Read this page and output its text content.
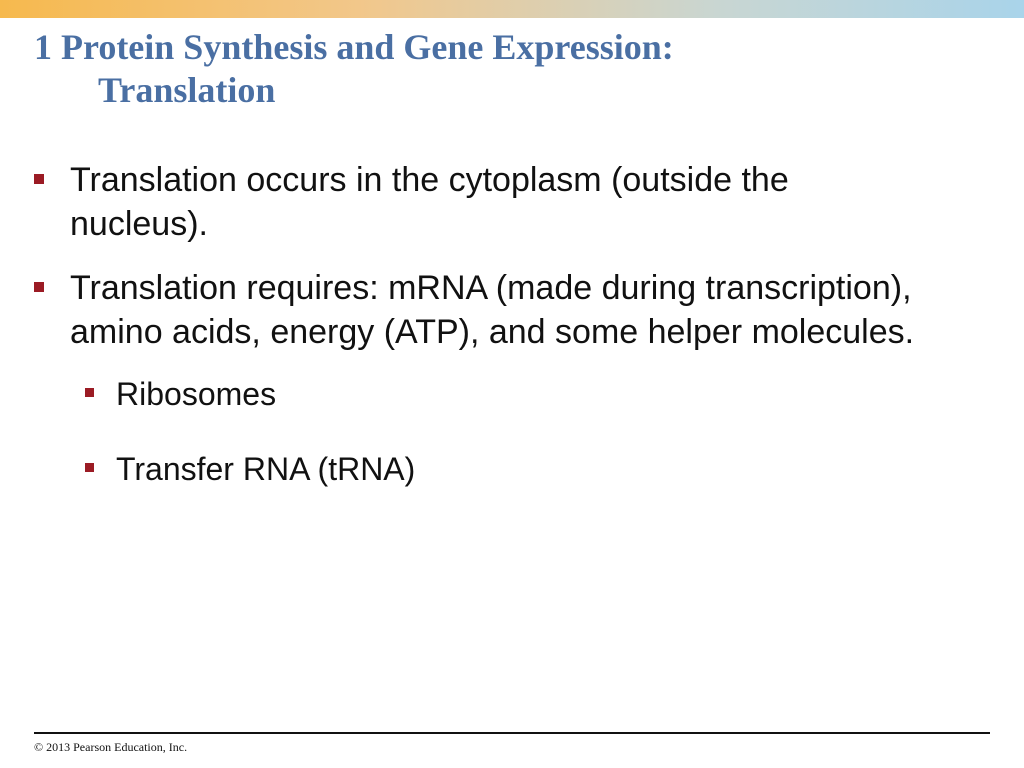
1 Protein Synthesis and Gene Expression:
Translation
Translation occurs in the cytoplasm (outside the nucleus).
Translation requires: mRNA (made during transcription), amino acids, energy (ATP), and some helper molecules.
Ribosomes
Transfer RNA (tRNA)
© 2013 Pearson Education, Inc.
